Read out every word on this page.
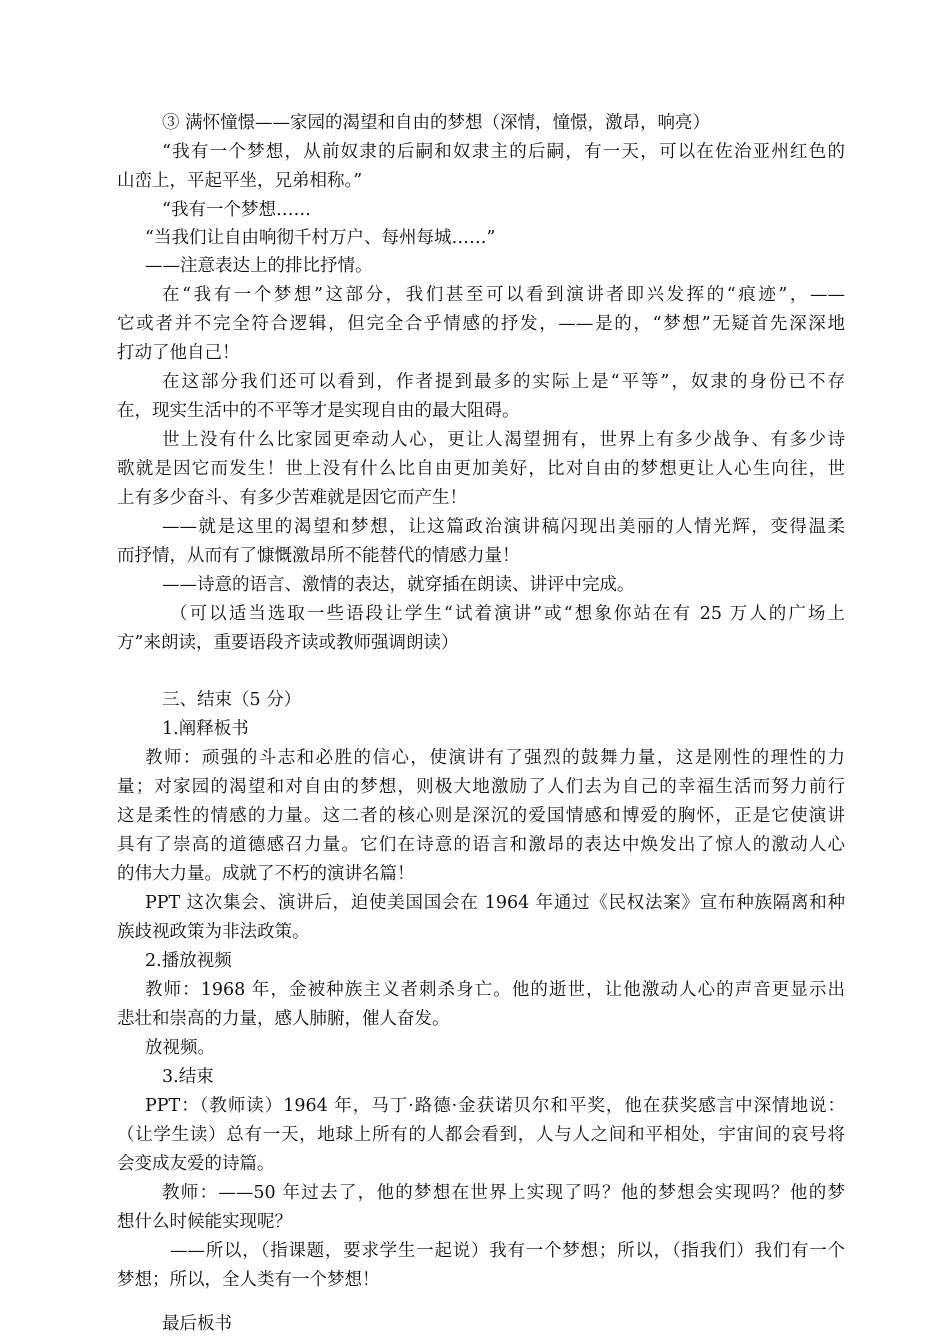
③ 满怀憧憬——家园的渴望和自由的梦想（深情，憧憬，激昂，响亮）
“我有一个梦想，从前奴隶的后嗣和奴隶主的后嗣，有一天，可以在佐治亚州红色的
山峦上，平起平坐，兄弟相称。”
“我有一个梦想……
“当我们让自由响彻千村万户、每州每城……”
——注意表达上的排比抒情。
在“我有一个梦想”这部分，我们甚至可以看到演讲者即兴发挥的“痕迹”，——
它或者并不完全符合逻辑，但完全合乎情感的抒发，——是的，“梦想”无疑首先深深地
打动了他自己！
在这部分我们还可以看到，作者提到最多的实际上是“平等”，奴隶的身份已不存
在，现实生活中的不平等才是实现自由的最大阻碍。
世上没有什么比家园更牵动人心，更让人渴望拥有，世界上有多少战争、有多少诗
歌就是因它而发生！世上没有什么比自由更加美好，比对自由的梦想更让人心生向往，世
上有多少奋斗、有多少苦难就是因它而产生！
——就是这里的渴望和梦想，让这篇政治演讲稿闪现出美丽的人情光辉，变得温柔
而抒情，从而有了慷慨激昂所不能替代的情感力量！
——诗意的语言、激情的表达，就穿插在朗读、讲评中完成。
（可以适当选取一些语段让学生“试着演讲”或“想象你站在有 25 万人的广场上
方”来朗读，重要语段齐读或教师强调朗读）
三、结束（5 分）
1.阐释板书
教师：顽强的斗志和必胜的信心，使演讲有了强烈的鼓舞力量，这是刚性的理性的力
量；对家园的渴望和对自由的梦想，则极大地激励了人们去为自己的幸福生活而努力前行
这是柔性的情感的力量。这二者的核心则是深沉的爱国情感和博爱的胸怀，正是它使演讲
具有了崇高的道德感召力量。它们在诗意的语言和激昂的表达中焕发出了惊人的激动人心
的伟大力量。成就了不朽的演讲名篇！
PPT 这次集会、演讲后，迫使美国国会在 1964 年通过《民权法案》宣布种族隔离和种
族歧视政策为非法政策。
2.播放视频
教师：1968 年，金被种族主义者刺杀身亡。他的逝世，让他激动人心的声音更显示出
悲壮和崇高的力量，感人肺腑，催人奋发。
放视频。
3.结束
PPT：（教师读）1964 年，马丁·路德·金获诺贝尔和平奖，他在获奖感言中深情地说：
（让学生读）总有一天，地球上所有的人都会看到，人与人之间和平相处，宇宙间的哀号将
会变成友爱的诗篇。
教师：——50 年过去了，他的梦想在世界上实现了吗？他的梦想会实现吗？他的梦
想什么时候能实现呢？
——所以，（指课题，要求学生一起说）我有一个梦想；所以，（指我们）我们有一个
梦想；所以，全人类有一个梦想！
最后板书
